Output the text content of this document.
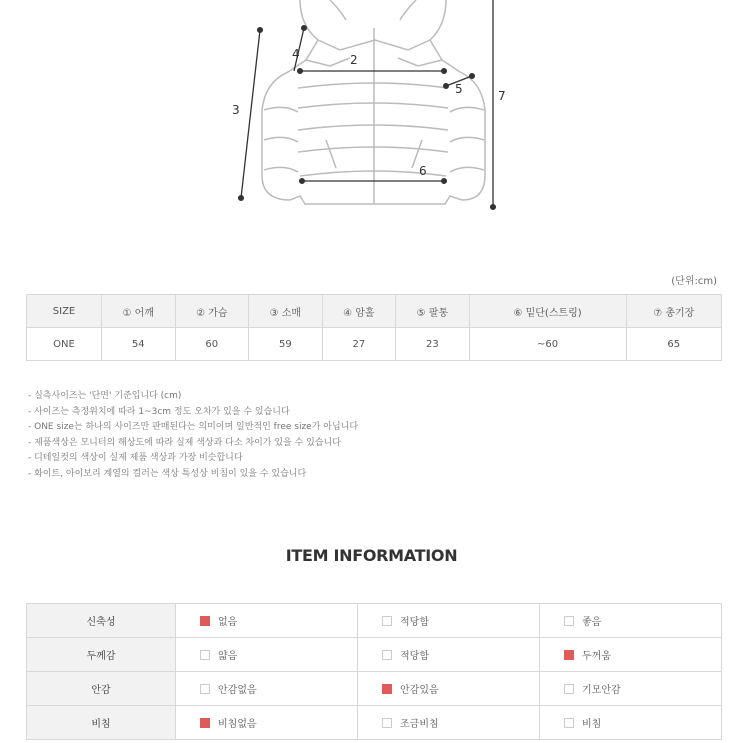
2
3
4
5
6
7
(단위:cm)
SIZE	① 어깨	② 가슴	③ 소매	④ 암홀	⑤ 팔통	⑥ 밑단(스트링)	⑦ 총기장
ONE	54	60	59	27	23	~60	65
- 실측사이즈는 '단면' 기준입니다 (cm)
- 사이즈는 측정위치에 따라 1~3cm 정도 오차가 있을 수 있습니다
- ONE size는 하나의 사이즈만 판매된다는 의미이며 일반적인 free size가 아닙니다
- 제품색상은 모니터의 해상도에 따라 실제 색상과 다소 차이가 있을 수 있습니다
- 디테일컷의 색상이 실제 제품 색상과 가장 비슷합니다
- 화이트, 아이보리 계열의 컬러는 색상 특성상 비침이 있을 수 있습니다
ITEM INFORMATION
신축성	없음	적당함	좋음
두께감	얇음	적당함	두꺼움
안감	안감없음	안감있음	기모안감
비침	비침없음	조금비침	비침
